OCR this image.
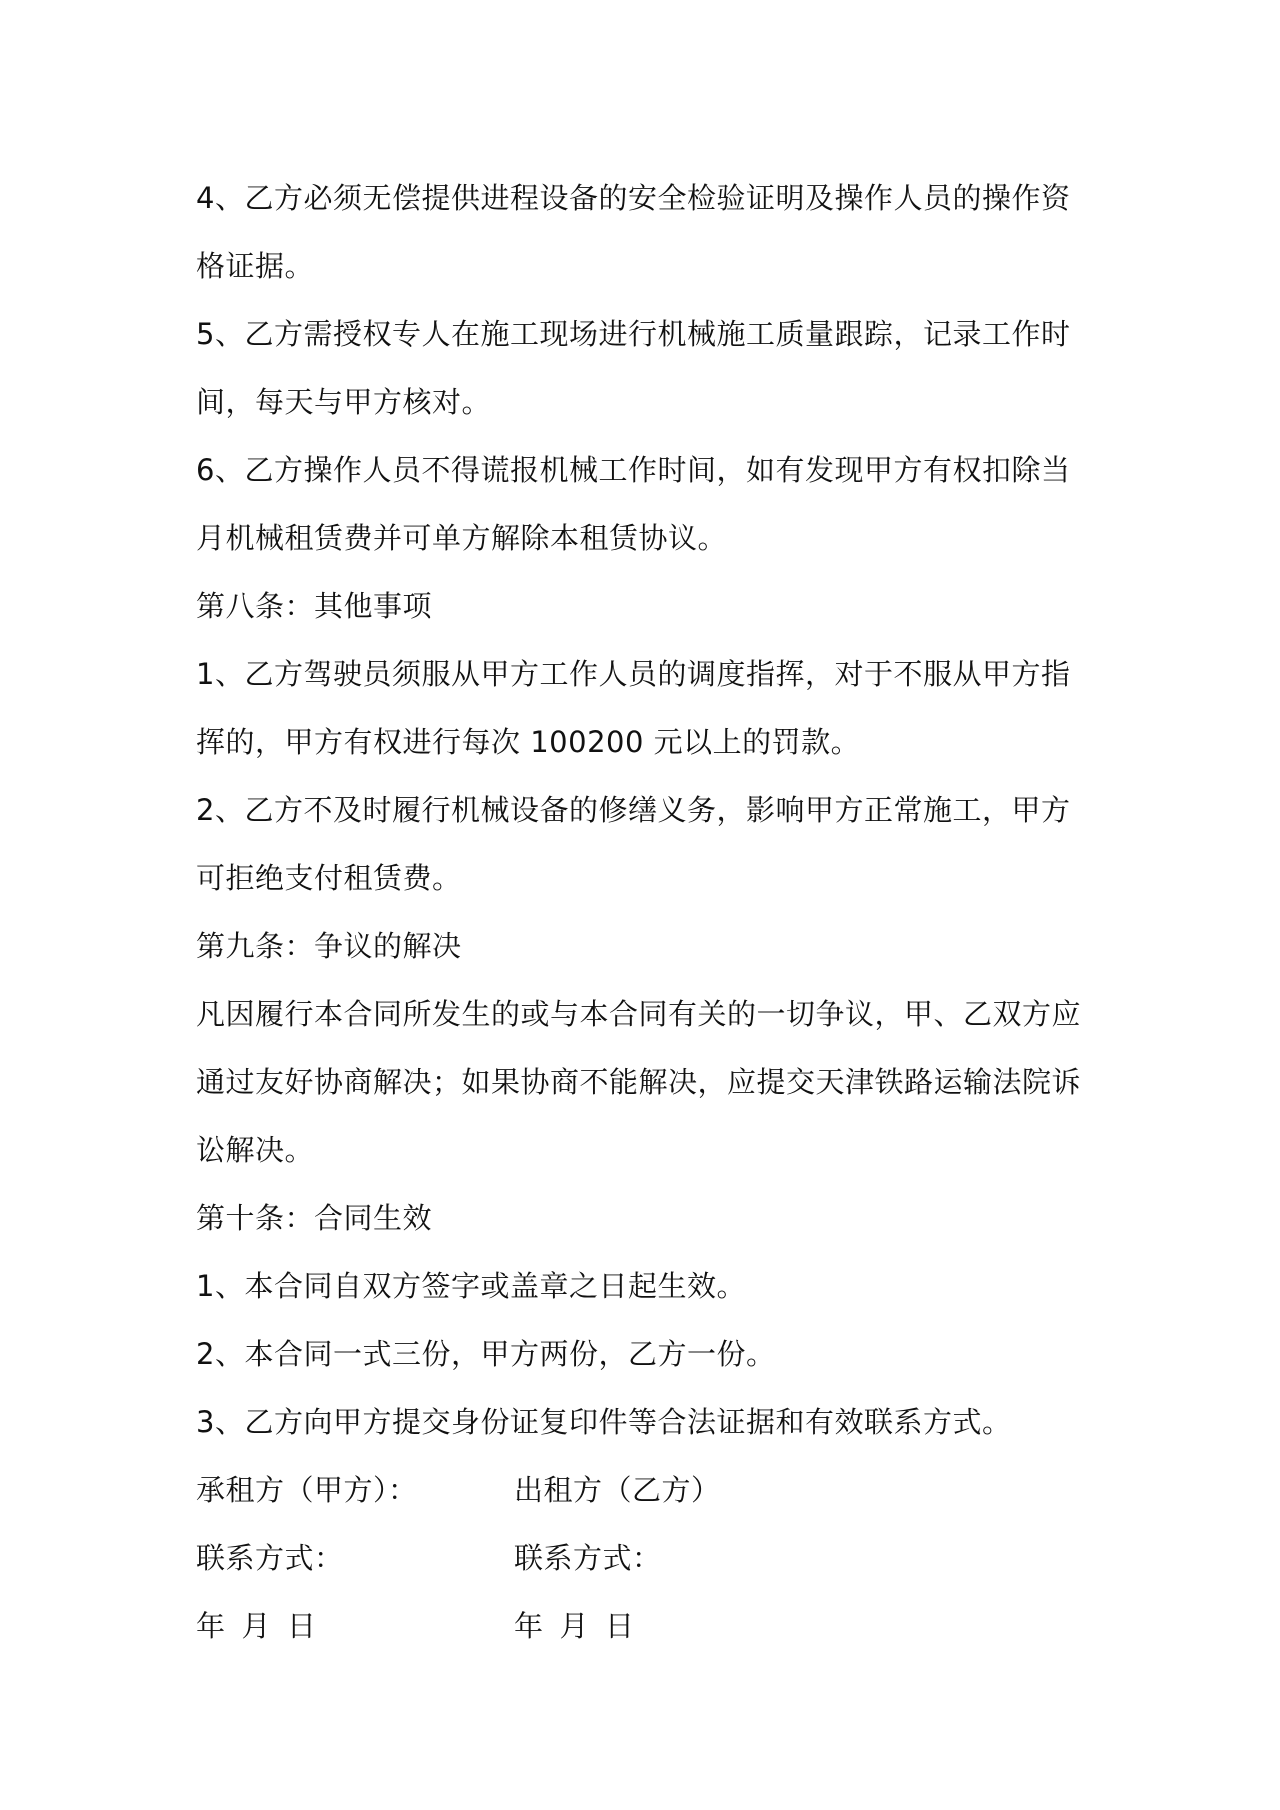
4、乙方必须无偿提供进程设备的安全检验证明及操作人员的操作资
格证据。
5、乙方需授权专人在施工现场进行机械施工质量跟踪，记录工作时
间，每天与甲方核对。
6、乙方操作人员不得谎报机械工作时间，如有发现甲方有权扣除当
月机械租赁费并可单方解除本租赁协议。
第八条：其他事项
1、乙方驾驶员须服从甲方工作人员的调度指挥，对于不服从甲方指
挥的，甲方有权进行每次 100200 元以上的罚款。
2、乙方不及时履行机械设备的修缮义务，影响甲方正常施工，甲方
可拒绝支付租赁费。
第九条：争议的解决
凡因履行本合同所发生的或与本合同有关的一切争议，甲、乙双方应
通过友好协商解决；如果协商不能解决，应提交天津铁路运输法院诉
讼解决。
第十条：合同生效
1、本合同自双方签字或盖章之日起生效。
2、本合同一式三份，甲方两份，乙方一份。
3、乙方向甲方提交身份证复印件等合法证据和有效联系方式。
承租方（甲方）：	出租方（乙方）
联系方式：	联系方式：
年 月 日	年 月 日
